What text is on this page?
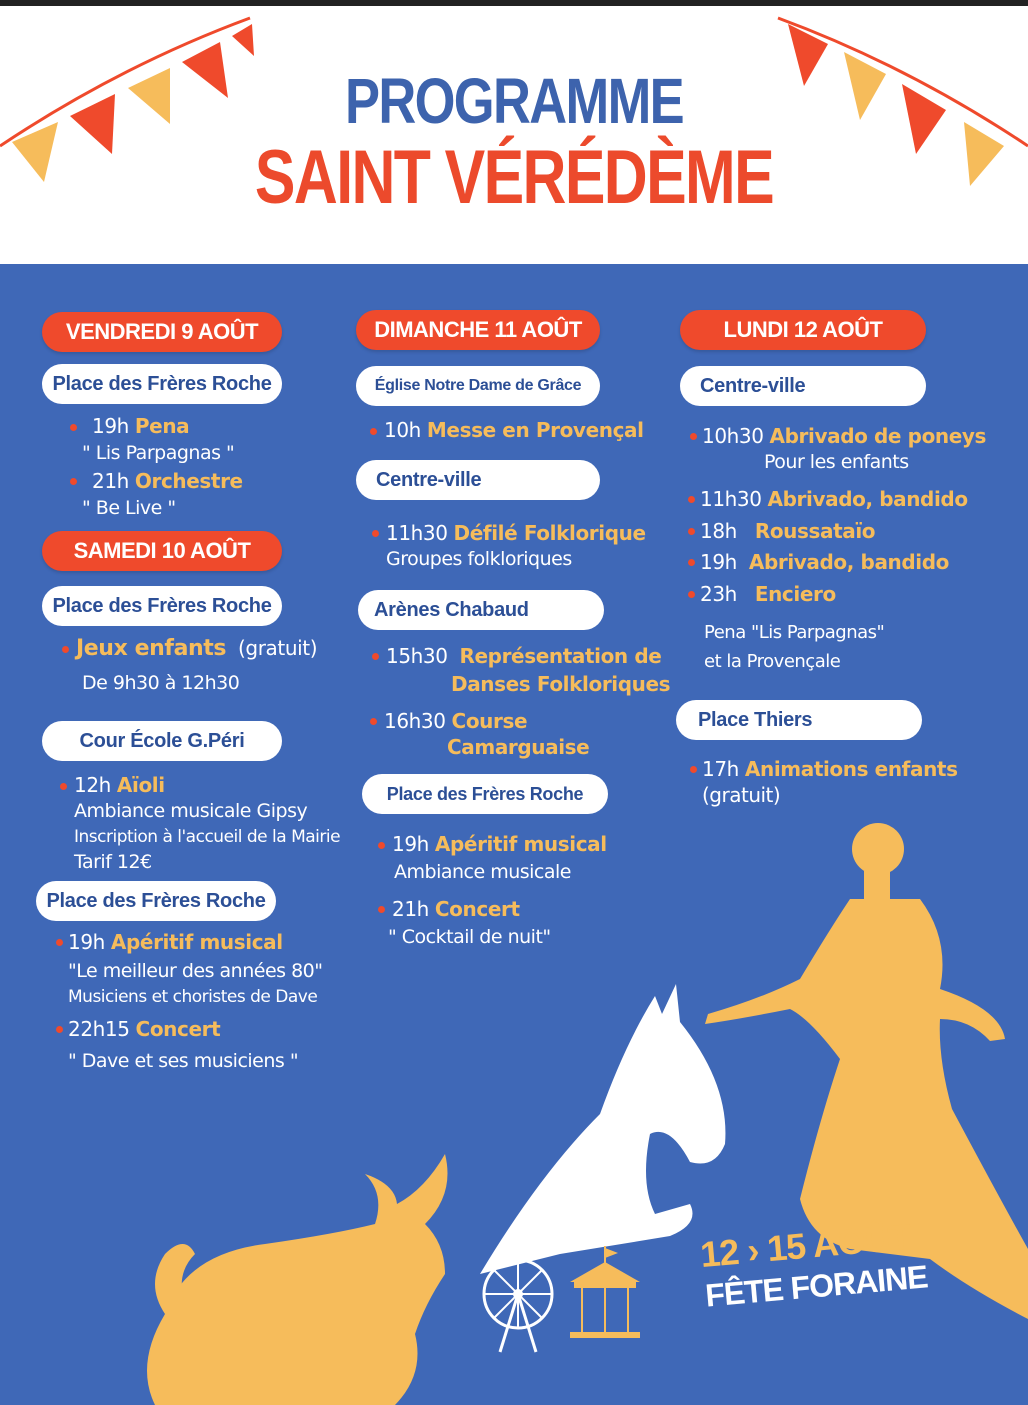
PROGRAMME
SAINT VÉRÉDÈME
12 › 15 AOÛT
FÊTE FORAINE
VENDREDI 9 AOÛT
Place des Frères Roche
19h Pena
" Lis Parpagnas "
21h Orchestre
" Be Live "
SAMEDI 10 AOÛT
Place des Frères Roche
Jeux enfants (gratuit)
De 9h30 à 12h30
Cour École G.Péri
12h Aïoli
Ambiance musicale Gipsy
Inscription à l'accueil de la Mairie
Tarif 12€
Place des Frères Roche
19h Apéritif musical
"Le meilleur des années 80"
Musiciens et choristes de Dave
22h15 Concert
" Dave et ses musiciens "
DIMANCHE 11 AOÛT
Église Notre Dame de Grâce
10h Messe en Provençal
Centre-ville
11h30 Défilé Folklorique
Groupes folkloriques
Arènes Chabaud
15h30 Représentation de
Danses Folkloriques
16h30 Course
Camarguaise
Place des Frères Roche
19h Apéritif musical
Ambiance musicale
21h Concert
" Cocktail de nuit"
LUNDI 12 AOÛT
Centre-ville
10h30 Abrivado de poneys
Pour les enfants
11h30 Abrivado, bandido
18h Roussataïo
19h Abrivado, bandido
23h Enciero
Pena "Lis Parpagnas"
et la Provençale
Place Thiers
17h Animations enfants
(gratuit)
